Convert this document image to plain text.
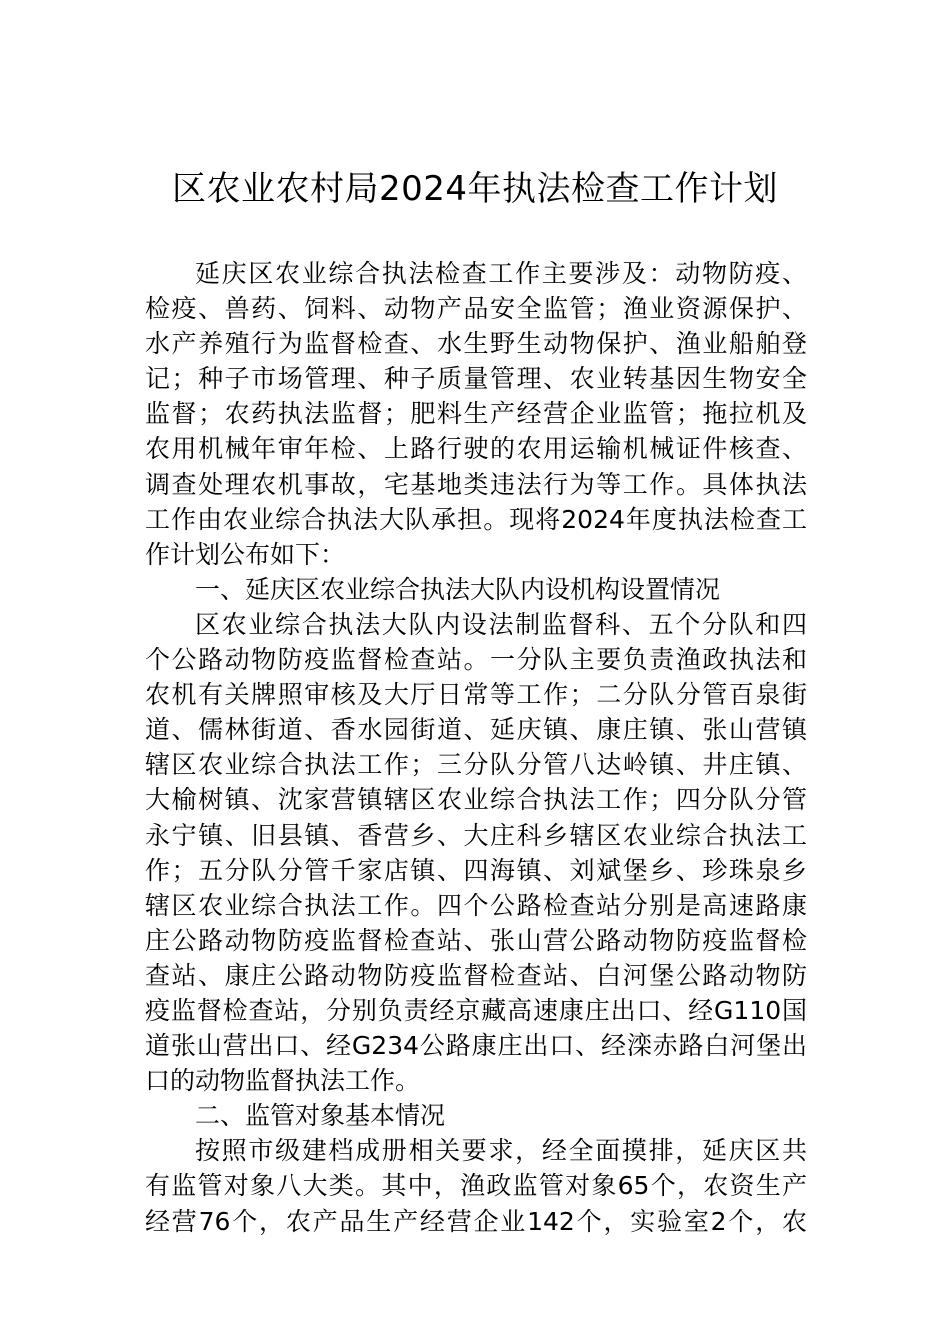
区农业农村局2024年执法检查工作计划
延庆区农业综合执法检查工作主要涉及：动物防疫、
检疫、兽药、饲料、动物产品安全监管；渔业资源保护、
水产养殖行为监督检查、水生野生动物保护、渔业船舶登
记；种子市场管理、种子质量管理、农业转基因生物安全
监督；农药执法监督；肥料生产经营企业监管；拖拉机及
农用机械年审年检、上路行驶的农用运输机械证件核查、
调查处理农机事故，宅基地类违法行为等工作。具体执法
工作由农业综合执法大队承担。现将2024年度执法检查工
作计划公布如下：
一、延庆区农业综合执法大队内设机构设置情况
区农业综合执法大队内设法制监督科、五个分队和四
个公路动物防疫监督检查站。一分队主要负责渔政执法和
农机有关牌照审核及大厅日常等工作；二分队分管百泉街
道、儒林街道、香水园街道、延庆镇、康庄镇、张山营镇
辖区农业综合执法工作；三分队分管八达岭镇、井庄镇、
大榆树镇、沈家营镇辖区农业综合执法工作；四分队分管
永宁镇、旧县镇、香营乡、大庄科乡辖区农业综合执法工
作；五分队分管千家店镇、四海镇、刘斌堡乡、珍珠泉乡
辖区农业综合执法工作。四个公路检查站分别是高速路康
庄公路动物防疫监督检查站、张山营公路动物防疫监督检
查站、康庄公路动物防疫监督检查站、白河堡公路动物防
疫监督检查站，分别负责经京藏高速康庄出口、经G110国
道张山营出口、经G234公路康庄出口、经滦赤路白河堡出
口的动物监督执法工作。
二、监管对象基本情况
按照市级建档成册相关要求，经全面摸排，延庆区共
有监管对象八大类。其中，渔政监管对象65个，农资生产
经营76个，农产品生产经营企业142个，实验室2个，农
